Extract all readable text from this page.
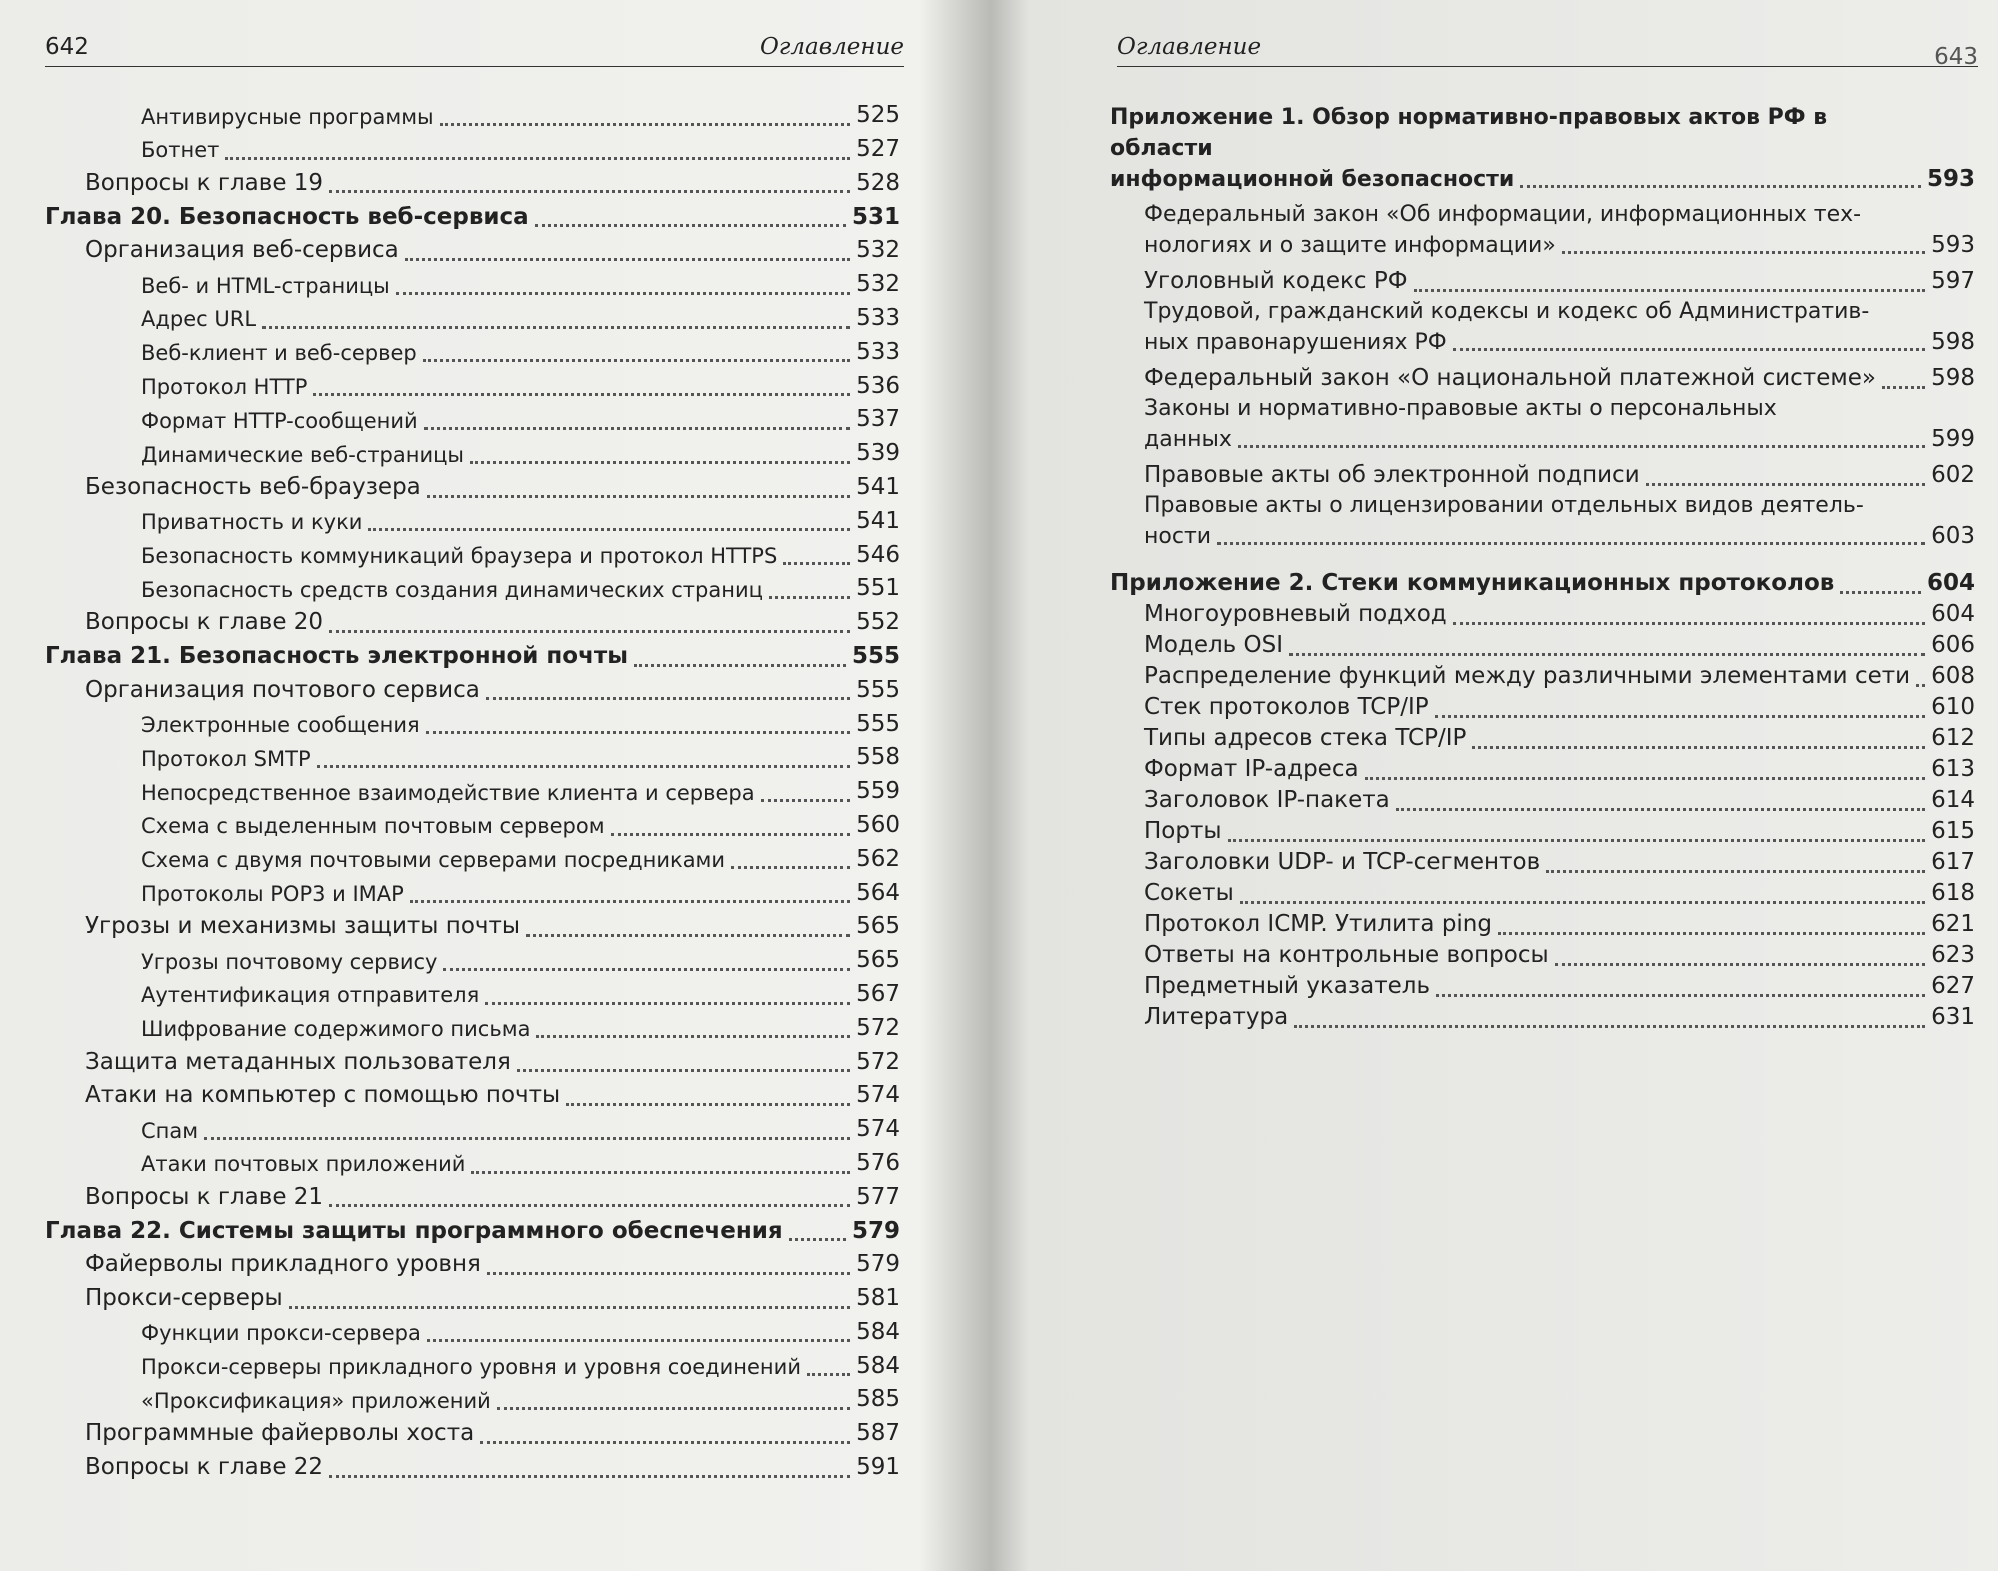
642	Оглавление
Антивирусные программы	525
Ботнет	527
Вопросы к главе 19	528
Глава 20. Безопасность веб-сервиса	531
Организация веб-сервиса	532
Веб- и HTML-страницы	532
Адрес URL	533
Веб-клиент и веб-сервер	533
Протокол HTTP	536
Формат HTTP-сообщений	537
Динамические веб-страницы	539
Безопасность веб-браузера	541
Приватность и куки	541
Безопасность коммуникаций браузера и протокол HTTPS	546
Безопасность средств создания динамических страниц	551
Вопросы к главе 20	552
Глава 21. Безопасность электронной почты	555
Организация почтового сервиса	555
Электронные сообщения	555
Протокол SMTP	558
Непосредственное взаимодействие клиента и сервера	559
Схема с выделенным почтовым сервером	560
Схема с двумя почтовыми серверами посредниками	562
Протоколы POP3 и IMAP	564
Угрозы и механизмы защиты почты	565
Угрозы почтовому сервису	565
Аутентификация отправителя	567
Шифрование содержимого письма	572
Защита метаданных пользователя	572
Атаки на компьютер с помощью почты	574
Спам	574
Атаки почтовых приложений	576
Вопросы к главе 21	577
Глава 22. Системы защиты программного обеспечения	579
Файерволы прикладного уровня	579
Прокси-серверы	581
Функции прокси-сервера	584
Прокси-серверы прикладного уровня и уровня соединений 584
«Проксификация» приложений	585
Программные файерволы хоста	587
Вопросы к главе 22	591
Оглавление	643
Приложение 1. Обзор нормативно-правовых актов РФ в области
информационной безопасности	593
Федеральный закон «Об информации, информационных тех-
нологиях и о защите информации»	593
Уголовный кодекс РФ	597
Трудовой, гражданский кодексы и кодекс об Административ-
ных правонарушениях РФ	598
Федеральный закон «О национальной платежной системе» 598
Законы и нормативно-правовые акты о персональных
данных	599
Правовые акты об электронной подписи	602
Правовые акты о лицензировании отдельных видов деятель-
ности	603
Приложение 2. Стеки коммуникационных протоколов	604
Многоуровневый подход	604
Модель OSI	606
Распределение функций между различными элементами сети 608
Стек протоколов TCP/IP	610
Типы адресов стека TCP/IP	612
Формат IP-адреса	613
Заголовок IP-пакета	614
Порты	615
Заголовки UDP- и TCP-сегментов	617
Сокеты	618
Протокол ICMP. Утилита ping	621
Ответы на контрольные вопросы	623
Предметный указатель	627
Литература	631
